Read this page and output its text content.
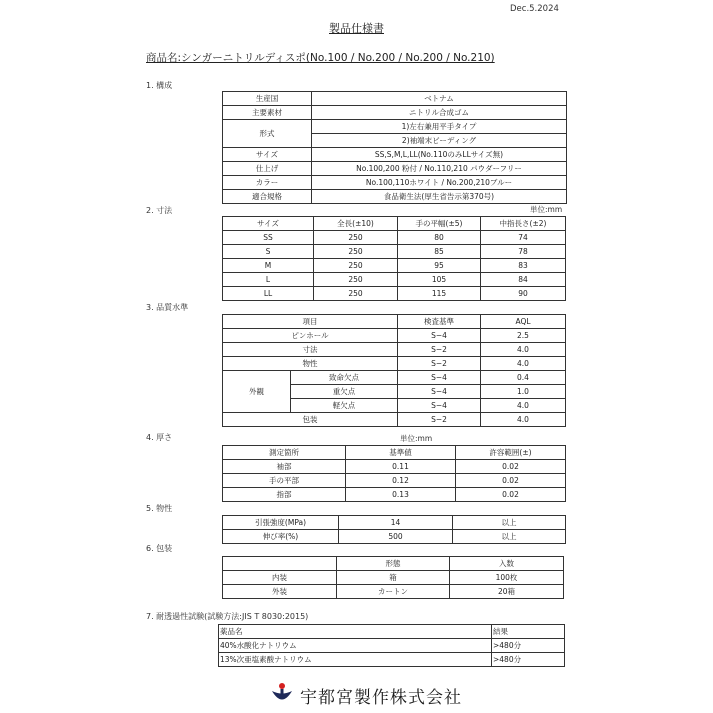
Dec.5.2024
製品仕様書
商品名:シンガーニトリルディスポ(No.100 / No.200 / No.200 / No.210)
1. 構成
生産国	ベトナム
主要素材	ニトリル合成ゴム
形式	1)左右兼用平手タイプ
	2)袖端末ビーディング
サイズ	SS,S,M,L,LL(No.110のみLLサイズ無)
仕上げ	No.100,200 粉付 / No.110,210 パウダーフリー
カラー	No.100,110ホワイト / No.200,210ブルー
適合規格	食品衛生法(厚生省告示第370号)
2. 寸法	単位:mm
サイズ	全長(±10)	手の平幅(±5)	中指長さ(±2)
SS	250	80	74
S	250	85	78
M	250	95	83
L	250	105	84
LL	250	115	90
3. 品質水準
項目		検査基準	AQL
ピンホール		S−4	2.5
寸法		S−2	4.0
物性		S−2	4.0
外観	致命欠点	S−4	0.4
	重欠点	S−4	1.0
	軽欠点	S−4	4.0
包装		S−2	4.0
4. 厚さ	単位:mm
測定箇所	基準値	許容範囲(±)
袖部	0.11	0.02
手の平部	0.12	0.02
指部	0.13	0.02
5. 物性
引張強度(MPa)	14	以上
伸び率(%)	500	以上
6. 包装
	形態	入数
内装	箱	100枚
外装	カートン	20箱
7. 耐透過性試験(試験方法:JIS T 8030:2015)
薬品名	結果
40%水酸化ナトリウム	>480分
13%次亜塩素酸ナトリウム	>480分
宇都宮製作株式会社
